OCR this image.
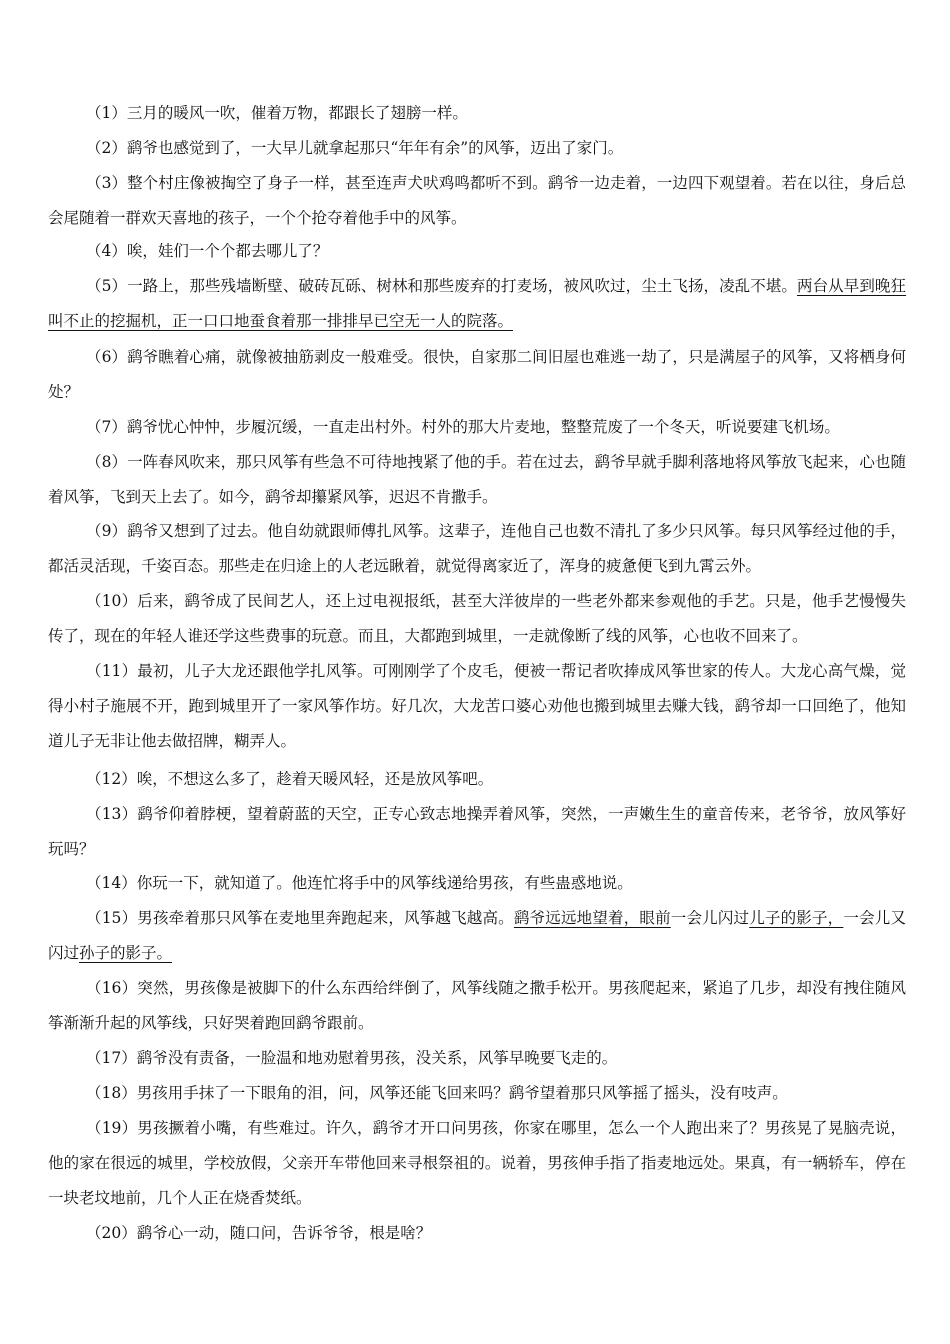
（1）三月的暖风一吹，催着万物，都跟长了翅膀一样。

（2）鹞爷也感觉到了，一大早儿就拿起那只“年年有余”的风筝，迈出了家门。

（3）整个村庄像被掏空了身子一样，甚至连声犬吠鸡鸣都听不到。鹞爷一边走着，一边四下观望着。若在以往，身后总会尾随着一群欢天喜地的孩子，一个个抢夺着他手中的风筝。

（4）唉，娃们一个个都去哪儿了？

（5）一路上，那些残墙断壁、破砖瓦砾、树林和那些废弃的打麦场，被风吹过，尘土飞扬，凌乱不堪。两台从早到晚狂叫不止的挖掘机，正一口口地蚕食着那一排排早已空无一人的院落。

（6）鹞爷瞧着心痛，就像被抽筋剥皮一般难受。很快，自家那二间旧屋也难逃一劫了，只是满屋子的风筝，又将栖身何处？

（7）鹞爷忧心忡忡，步履沉缓，一直走出村外。村外的那大片麦地，整整荒废了一个冬天，听说要建飞机场。

（8）一阵春风吹来，那只风筝有些急不可待地拽紧了他的手。若在过去，鹞爷早就手脚利落地将风筝放飞起来，心也随着风筝，飞到天上去了。如今，鹞爷却攥紧风筝，迟迟不肯撒手。

（9）鹞爷又想到了过去。他自幼就跟师傅扎风筝。这辈子，连他自己也数不清扎了多少只风筝。每只风筝经过他的手，都活灵活现，千姿百态。那些走在归途上的人老远瞅着，就觉得离家近了，浑身的疲惫便飞到九霄云外。

（10）后来，鹞爷成了民间艺人，还上过电视报纸，甚至大洋彼岸的一些老外都来参观他的手艺。只是，他手艺慢慢失传了，现在的年轻人谁还学这些费事的玩意。而且，大都跑到城里，一走就像断了线的风筝，心也收不回来了。

（11）最初，儿子大龙还跟他学扎风筝。可刚刚学了个皮毛，便被一帮记者吹捧成风筝世家的传人。大龙心高气燥，觉得小村子施展不开，跑到城里开了一家风筝作坊。好几次，大龙苦口婆心劝他也搬到城里去赚大钱，鹞爷却一口回绝了，他知道儿子无非让他去做招牌，糊弄人。

（12）唉，不想这么多了，趁着天暖风轻，还是放风筝吧。

（13）鹞爷仰着脖梗，望着蔚蓝的天空，正专心致志地操弄着风筝，突然，一声嫩生生的童音传来，老爷爷，放风筝好玩吗？

（14）你玩一下，就知道了。他连忙将手中的风筝线递给男孩，有些蛊惑地说。

（15）男孩牵着那只风筝在麦地里奔跑起来，风筝越飞越高。鹞爷远远地望着，眼前一会儿闪过儿子的影子，一会儿又闪过孙子的影子。

（16）突然，男孩像是被脚下的什么东西给绊倒了，风筝线随之撒手松开。男孩爬起来，紧追了几步，却没有拽住随风筝渐渐升起的风筝线，只好哭着跑回鹞爷跟前。

（17）鹞爷没有责备，一脸温和地劝慰着男孩，没关系，风筝早晚要飞走的。

（18）男孩用手抹了一下眼角的泪，问，风筝还能飞回来吗？鹞爷望着那只风筝摇了摇头，没有吱声。

（19）男孩撅着小嘴，有些难过。许久，鹞爷才开口问男孩，你家在哪里，怎么一个人跑出来了？男孩晃了晃脑壳说，他的家在很远的城里，学校放假，父亲开车带他回来寻根祭祖的。说着，男孩伸手指了指麦地远处。果真，有一辆轿车，停在一块老坟地前，几个人正在烧香焚纸。

（20）鹞爷心一动，随口问，告诉爷爷，根是啥？
